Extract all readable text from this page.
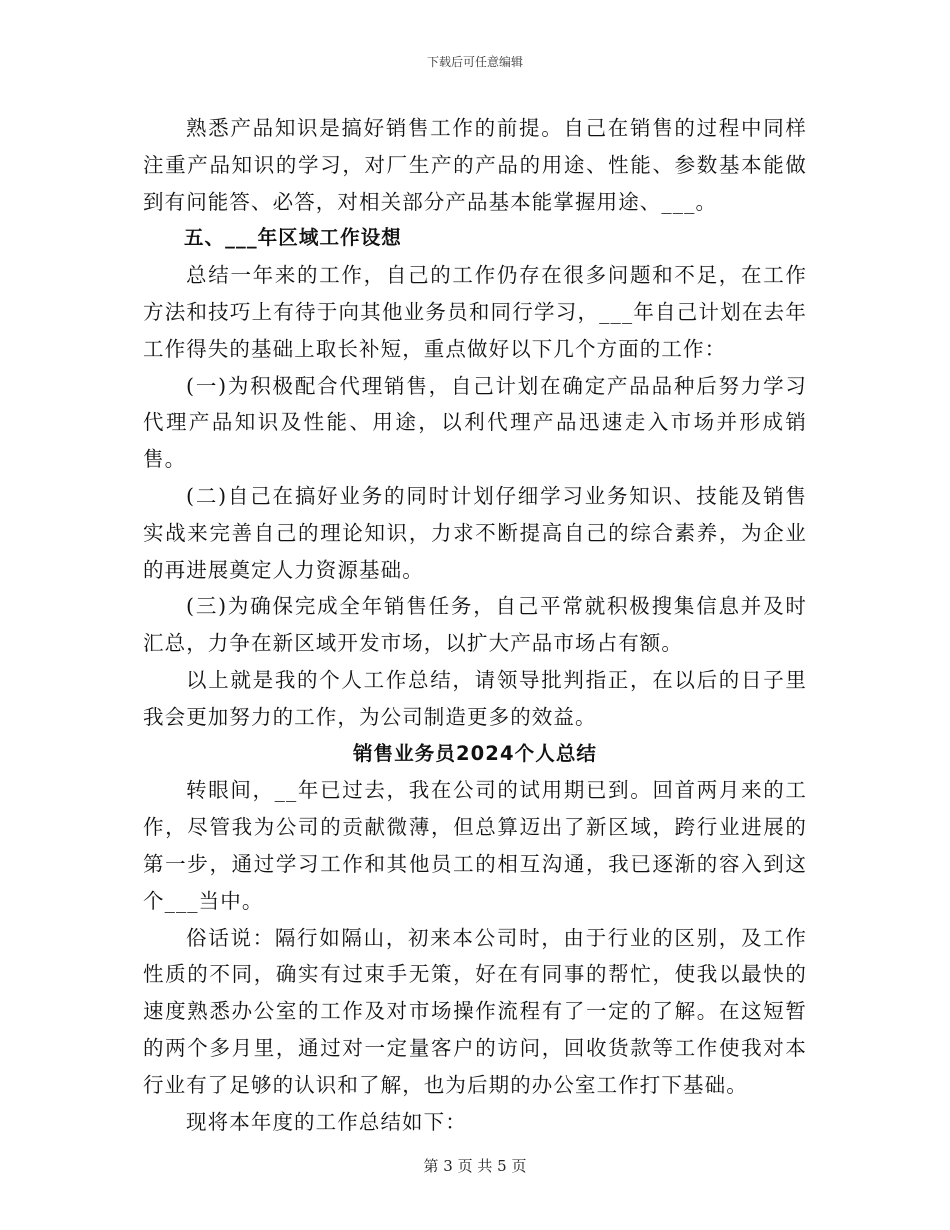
下载后可任意编辑

熟悉产品知识是搞好销售工作的前提。自己在销售的过程中同样注重产品知识的学习，对厂生产的产品的用途、性能、参数基本能做到有问能答、必答，对相关部分产品基本能掌握用途、___。

五、___年区域工作设想

总结一年来的工作，自己的工作仍存在很多问题和不足，在工作方法和技巧上有待于向其他业务员和同行学习，___年自己计划在去年工作得失的基础上取长补短，重点做好以下几个方面的工作：

(一)为积极配合代理销售，自己计划在确定产品品种后努力学习代理产品知识及性能、用途，以利代理产品迅速走入市场并形成销售。

(二)自己在搞好业务的同时计划仔细学习业务知识、技能及销售实战来完善自己的理论知识，力求不断提高自己的综合素养，为企业的再进展奠定人力资源基础。

(三)为确保完成全年销售任务，自己平常就积极搜集信息并及时汇总，力争在新区域开发市场，以扩大产品市场占有额。

以上就是我的个人工作总结，请领导批判指正，在以后的日子里我会更加努力的工作，为公司制造更多的效益。

销售业务员2024个人总结

转眼间，__年已过去，我在公司的试用期已到。回首两月来的工作，尽管我为公司的贡献微薄，但总算迈出了新区域，跨行业进展的第一步，通过学习工作和其他员工的相互沟通，我已逐渐的容入到这个___当中。

俗话说：隔行如隔山，初来本公司时，由于行业的区别，及工作性质的不同，确实有过束手无策，好在有同事的帮忙，使我以最快的速度熟悉办公室的工作及对市场操作流程有了一定的了解。在这短暂的两个多月里，通过对一定量客户的访问，回收货款等工作使我对本行业有了足够的认识和了解，也为后期的办公室工作打下基础。

现将本年度的工作总结如下：

第 3 页 共 5 页
